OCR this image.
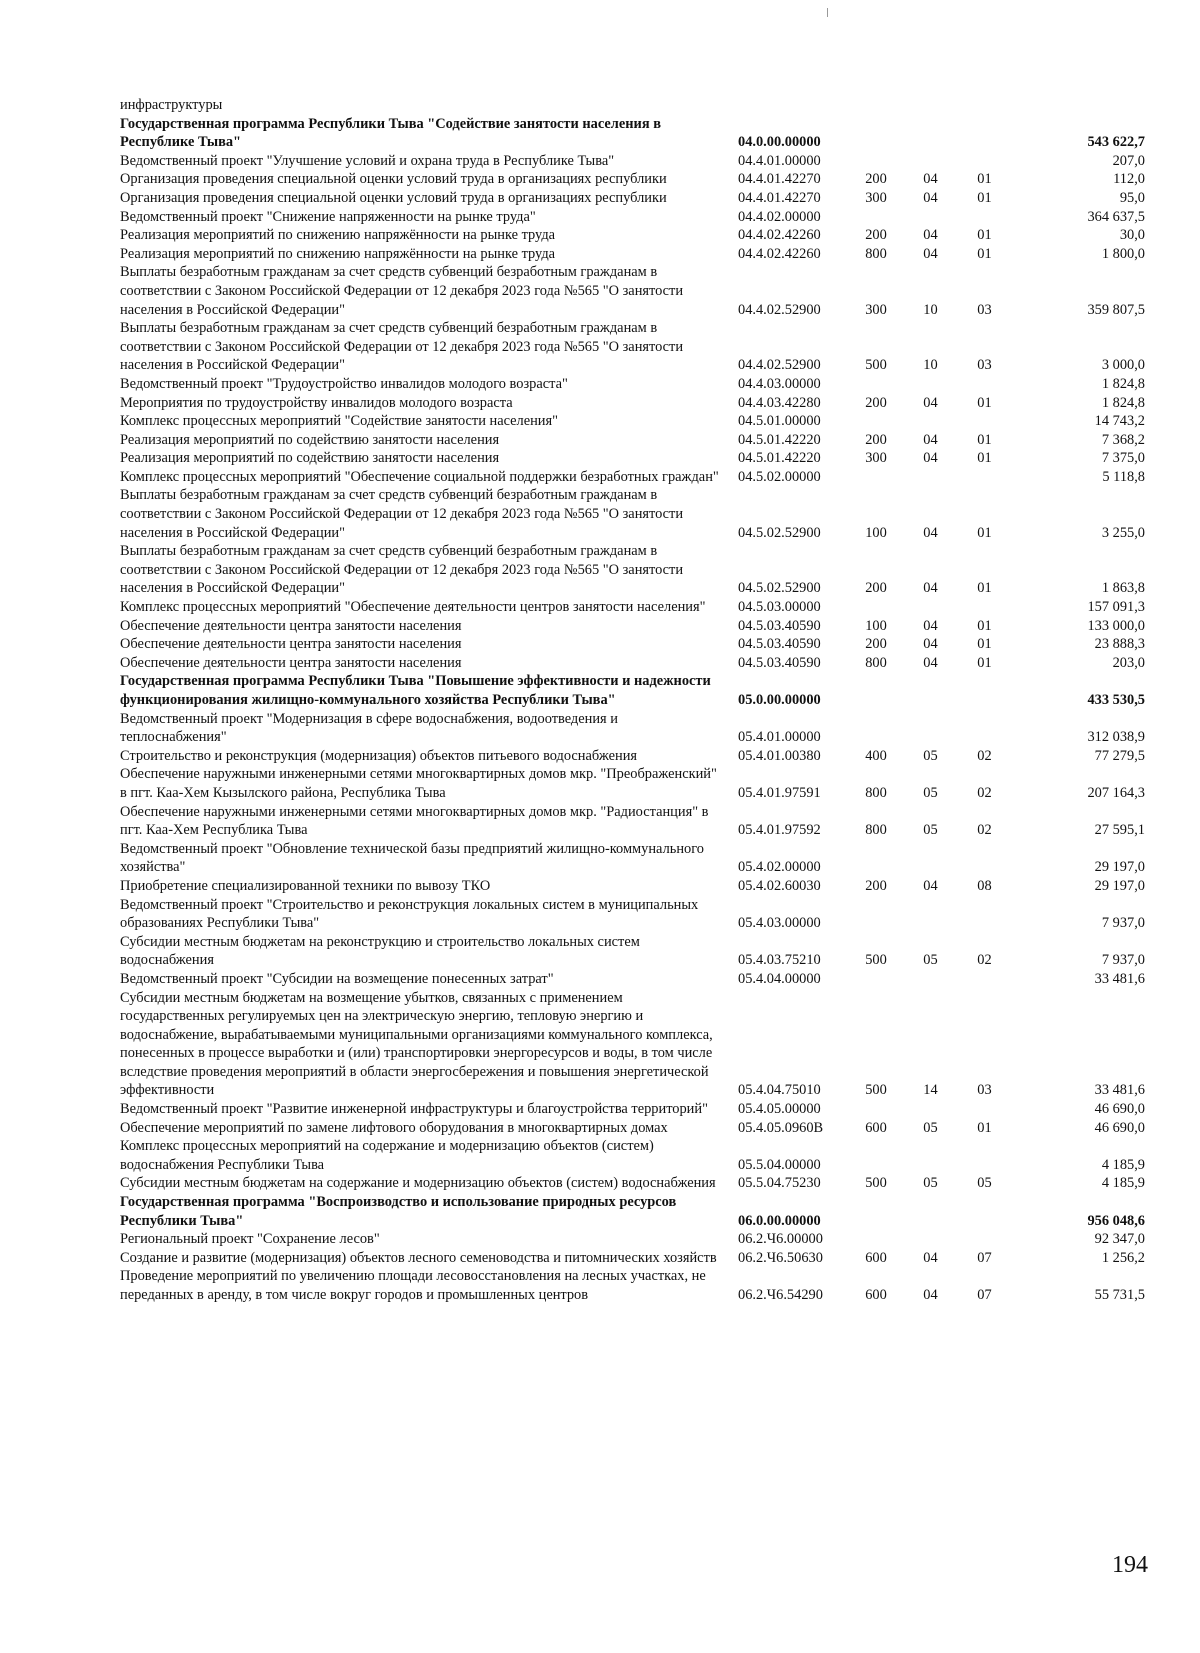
инфраструктуры					
Государственная программа Республики Тыва "Содействие занятости населения в Республике Тыва"	04.0.00.00000				543 622,7
Ведомственный проект "Улучшение условий и охрана труда в Республике Тыва"	04.4.01.00000				207,0
Организация проведения специальной оценки условий труда в организациях республики	04.4.01.42270	200	04	01	112,0
Организация проведения специальной оценки условий труда в организациях республики	04.4.01.42270	300	04	01	95,0
Ведомственный проект "Снижение напряженности на рынке труда"	04.4.02.00000				364 637,5
Реализация мероприятий по снижению напряжённости на рынке труда	04.4.02.42260	200	04	01	30,0
Реализация мероприятий по снижению напряжённости на рынке труда	04.4.02.42260	800	04	01	1 800,0
Выплаты безработным гражданам за счет средств субвенций безработным гражданам в соответствии с Законом Российской Федерации от 12 декабря 2023 года №565 "О занятости населения в Российской Федерации"	04.4.02.52900	300	10	03	359 807,5
Выплаты безработным гражданам за счет средств субвенций безработным гражданам в соответствии с Законом Российской Федерации от 12 декабря 2023 года №565 "О занятости населения в Российской Федерации"	04.4.02.52900	500	10	03	3 000,0
Ведомственный проект "Трудоустройство инвалидов молодого возраста"	04.4.03.00000				1 824,8
Мероприятия по трудоустройству инвалидов молодого возраста	04.4.03.42280	200	04	01	1 824,8
Комплекс процессных мероприятий "Содействие занятости населения"	04.5.01.00000				14 743,2
Реализация мероприятий по содействию занятости населения	04.5.01.42220	200	04	01	7 368,2
Реализация мероприятий по содействию занятости населения	04.5.01.42220	300	04	01	7 375,0
Комплекс процессных мероприятий "Обеспечение социальной поддержки безработных граждан"	04.5.02.00000				5 118,8
Выплаты безработным гражданам за счет средств субвенций безработным гражданам в соответствии с Законом Российской Федерации от 12 декабря 2023 года №565 "О занятости населения в Российской Федерации"	04.5.02.52900	100	04	01	3 255,0
Выплаты безработным гражданам за счет средств субвенций безработным гражданам в соответствии с Законом Российской Федерации от 12 декабря 2023 года №565 "О занятости населения в Российской Федерации"	04.5.02.52900	200	04	01	1 863,8
Комплекс процессных мероприятий "Обеспечение деятельности центров занятости населения"	04.5.03.00000				157 091,3
Обеспечение деятельности центра занятости населения	04.5.03.40590	100	04	01	133 000,0
Обеспечение деятельности центра занятости населения	04.5.03.40590	200	04	01	23 888,3
Обеспечение деятельности центра занятости населения	04.5.03.40590	800	04	01	203,0
Государственная программа Республики Тыва "Повышение эффективности и надежности функционирования жилищно-коммунального хозяйства Республики Тыва"	05.0.00.00000				433 530,5
Ведомственный проект "Модернизация в сфере водоснабжения, водоотведения и теплоснабжения"	05.4.01.00000				312 038,9
Строительство и реконструкция (модернизация) объектов питьевого водоснабжения	05.4.01.00380	400	05	02	77 279,5
Обеспечение наружными инженерными сетями многоквартирных домов мкр. "Преображенский" в пгт. Каа-Хем Кызылского района, Республика Тыва	05.4.01.97591	800	05	02	207 164,3
Обеспечение наружными инженерными сетями многоквартирных домов мкр. "Радиостанция" в пгт. Каа-Хем Республика Тыва	05.4.01.97592	800	05	02	27 595,1
Ведомственный проект "Обновление технической базы предприятий жилищно-коммунального хозяйства"	05.4.02.00000				29 197,0
Приобретение специализированной техники по вывозу ТКО	05.4.02.60030	200	04	08	29 197,0
Ведомственный проект "Строительство и реконструкция локальных систем в муниципальных образованиях Республики Тыва"	05.4.03.00000				7 937,0
Субсидии местным бюджетам на реконструкцию и строительство локальных систем водоснабжения	05.4.03.75210	500	05	02	7 937,0
Ведомственный проект "Субсидии на возмещение понесенных затрат"	05.4.04.00000				33 481,6
Субсидии местным бюджетам на возмещение убытков, связанных с применением государственных регулируемых цен на электрическую энергию, тепловую энергию и водоснабжение, вырабатываемыми муниципальными организациями коммунального комплекса, понесенных в процессе выработки и (или) транспортировки энергоресурсов и воды, в том числе вследствие проведения мероприятий в области энергосбережения и повышения энергетической эффективности	05.4.04.75010	500	14	03	33 481,6
Ведомственный проект "Развитие инженерной инфраструктуры и благоустройства территорий"	05.4.05.00000				46 690,0
Обеспечение мероприятий по замене лифтового оборудования в многоквартирных домах	05.4.05.0960В	600	05	01	46 690,0
Комплекс процессных мероприятий на содержание и модернизацию объектов (систем) водоснабжения Республики Тыва	05.5.04.00000				4 185,9
Субсидии местным бюджетам на содержание и модернизацию объектов (систем) водоснабжения	05.5.04.75230	500	05	05	4 185,9
Государственная программа "Воспроизводство и использование природных ресурсов Республики Тыва"	06.0.00.00000				956 048,6
Региональный проект "Сохранение лесов"	06.2.Ч6.00000				92 347,0
Создание и развитие (модернизация) объектов лесного семеноводства и питомнических хозяйств	06.2.Ч6.50630	600	04	07	1 256,2
Проведение мероприятий по увеличению площади лесовосстановления на лесных участках, не переданных в аренду, в том числе вокруг городов и промышленных центров	06.2.Ч6.54290	600	04	07	55 731,5
194
